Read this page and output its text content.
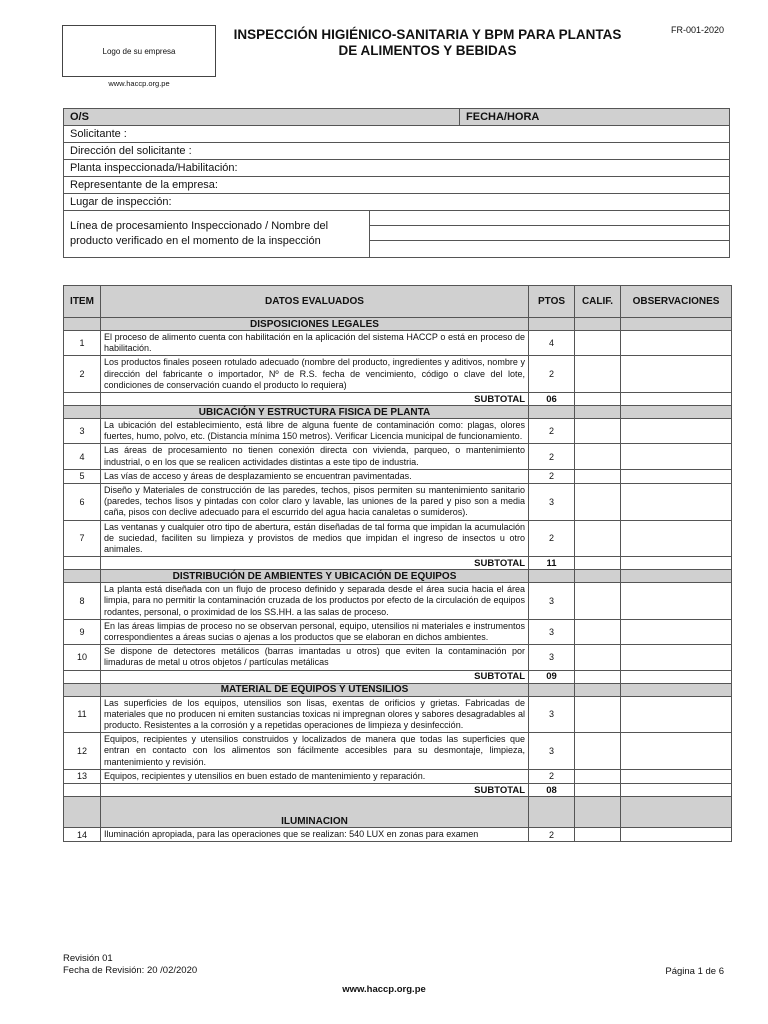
Logo de su empresa
www.haccp.org.pe
INSPECCIÓN HIGIÉNICO-SANITARIA Y BPM PARA PLANTAS
DE ALIMENTOS Y BEBIDAS
FR-001-2020
O/S		FECHA/HORA
Solicitante :		
Dirección del solicitante :		
Planta inspeccionada/Habilitación:		
Representante de la empresa:		
Lugar de inspección:		
Línea de procesamiento Inspeccionado / Nombre del producto verificado en el momento de la inspección		

ITEM	DATOS EVALUADOS	PTOS	CALIF.	OBSERVACIONES
	DISPOSICIONES LEGALES			
1	El proceso de alimento cuenta con habilitación en la aplicación del sistema HACCP o está en proceso de habilitación.	4		
2	Los productos finales poseen rotulado adecuado (nombre del producto, ingredientes y aditivos, nombre y dirección del fabricante o importador, Nº de R.S. fecha de vencimiento, código o clave del lote, condiciones de conservación cuando el producto lo requiera)	2		
	SUBTOTAL	06		
	UBICACIÓN Y ESTRUCTURA FISICA DE PLANTA			
3	La ubicación del establecimiento, está libre de alguna fuente de contaminación como: plagas, olores fuertes, humo, polvo, etc. (Distancia mínima 150 metros). Verificar Licencia municipal de funcionamiento.	2		
4	Las áreas de procesamiento no tienen conexión directa con vivienda, parqueo, o mantenimiento industrial, o en los que se realicen actividades distintas a este tipo de industria.	2		
5	Las vías de acceso y áreas de desplazamiento se encuentran pavimentadas.	2		
6	Diseño y Materiales de construcción de las paredes, techos, pisos permiten su mantenimiento sanitario (paredes, techos lisos y pintadas con color claro y lavable, las uniones de la pared y piso son a media caña, pisos con declive adecuado para el escurrido del agua hacia canaletas o sumideros).	3		
7	Las ventanas y cualquier otro tipo de abertura, están diseñadas de tal forma que impidan la acumulación de suciedad, faciliten su limpieza y provistos de medios que impidan el ingreso de insectos u otro animales.	2		
	SUBTOTAL	11		
	DISTRIBUCIÓN DE AMBIENTES Y UBICACIÓN DE EQUIPOS			
8	La planta está diseñada con un flujo de proceso definido y separada desde el área sucia hacia el área limpia, para no permitir la contaminación cruzada de los productos por efecto de la circulación de equipos rodantes, personal, o proximidad de los SS.HH. a las salas de proceso.	3		
9	En las áreas limpias de proceso no se observan personal, equipo, utensilios ni materiales e instrumentos correspondientes a áreas sucias o ajenas a los productos que se elaboran en dichos ambientes.	3		
10	Se dispone de detectores metálicos (barras imantadas u otros) que eviten la contaminación por limaduras de metal u otros objetos / partículas metálicas	3		
	SUBTOTAL	09		
	MATERIAL DE EQUIPOS Y UTENSILIOS			
11	Las superficies de los equipos, utensilios son lisas, exentas de orificios y grietas. Fabricadas de materiales que no producen ni emiten sustancias toxicas ni impregnan olores y sabores desagradables al producto. Resistentes a la corrosión y a repetidas operaciones de limpieza y desinfección.	3		
12	Equipos, recipientes y utensilios construidos y localizados de manera que todas las superficies que entran en contacto con los alimentos son fácilmente accesibles para su desmontaje, limpieza, mantenimiento y revisión.	3		
13	Equipos, recipientes y utensilios en buen estado de mantenimiento y reparación.	2		
	SUBTOTAL	08		
	ILUMINACION			
14	Iluminación apropiada, para las operaciones que se realizan: 540 LUX en zonas para examen	2		
Revisión 01
Fecha de Revisión: 20 /02/2020	Página 1 de 6
www.haccp.org.pe
